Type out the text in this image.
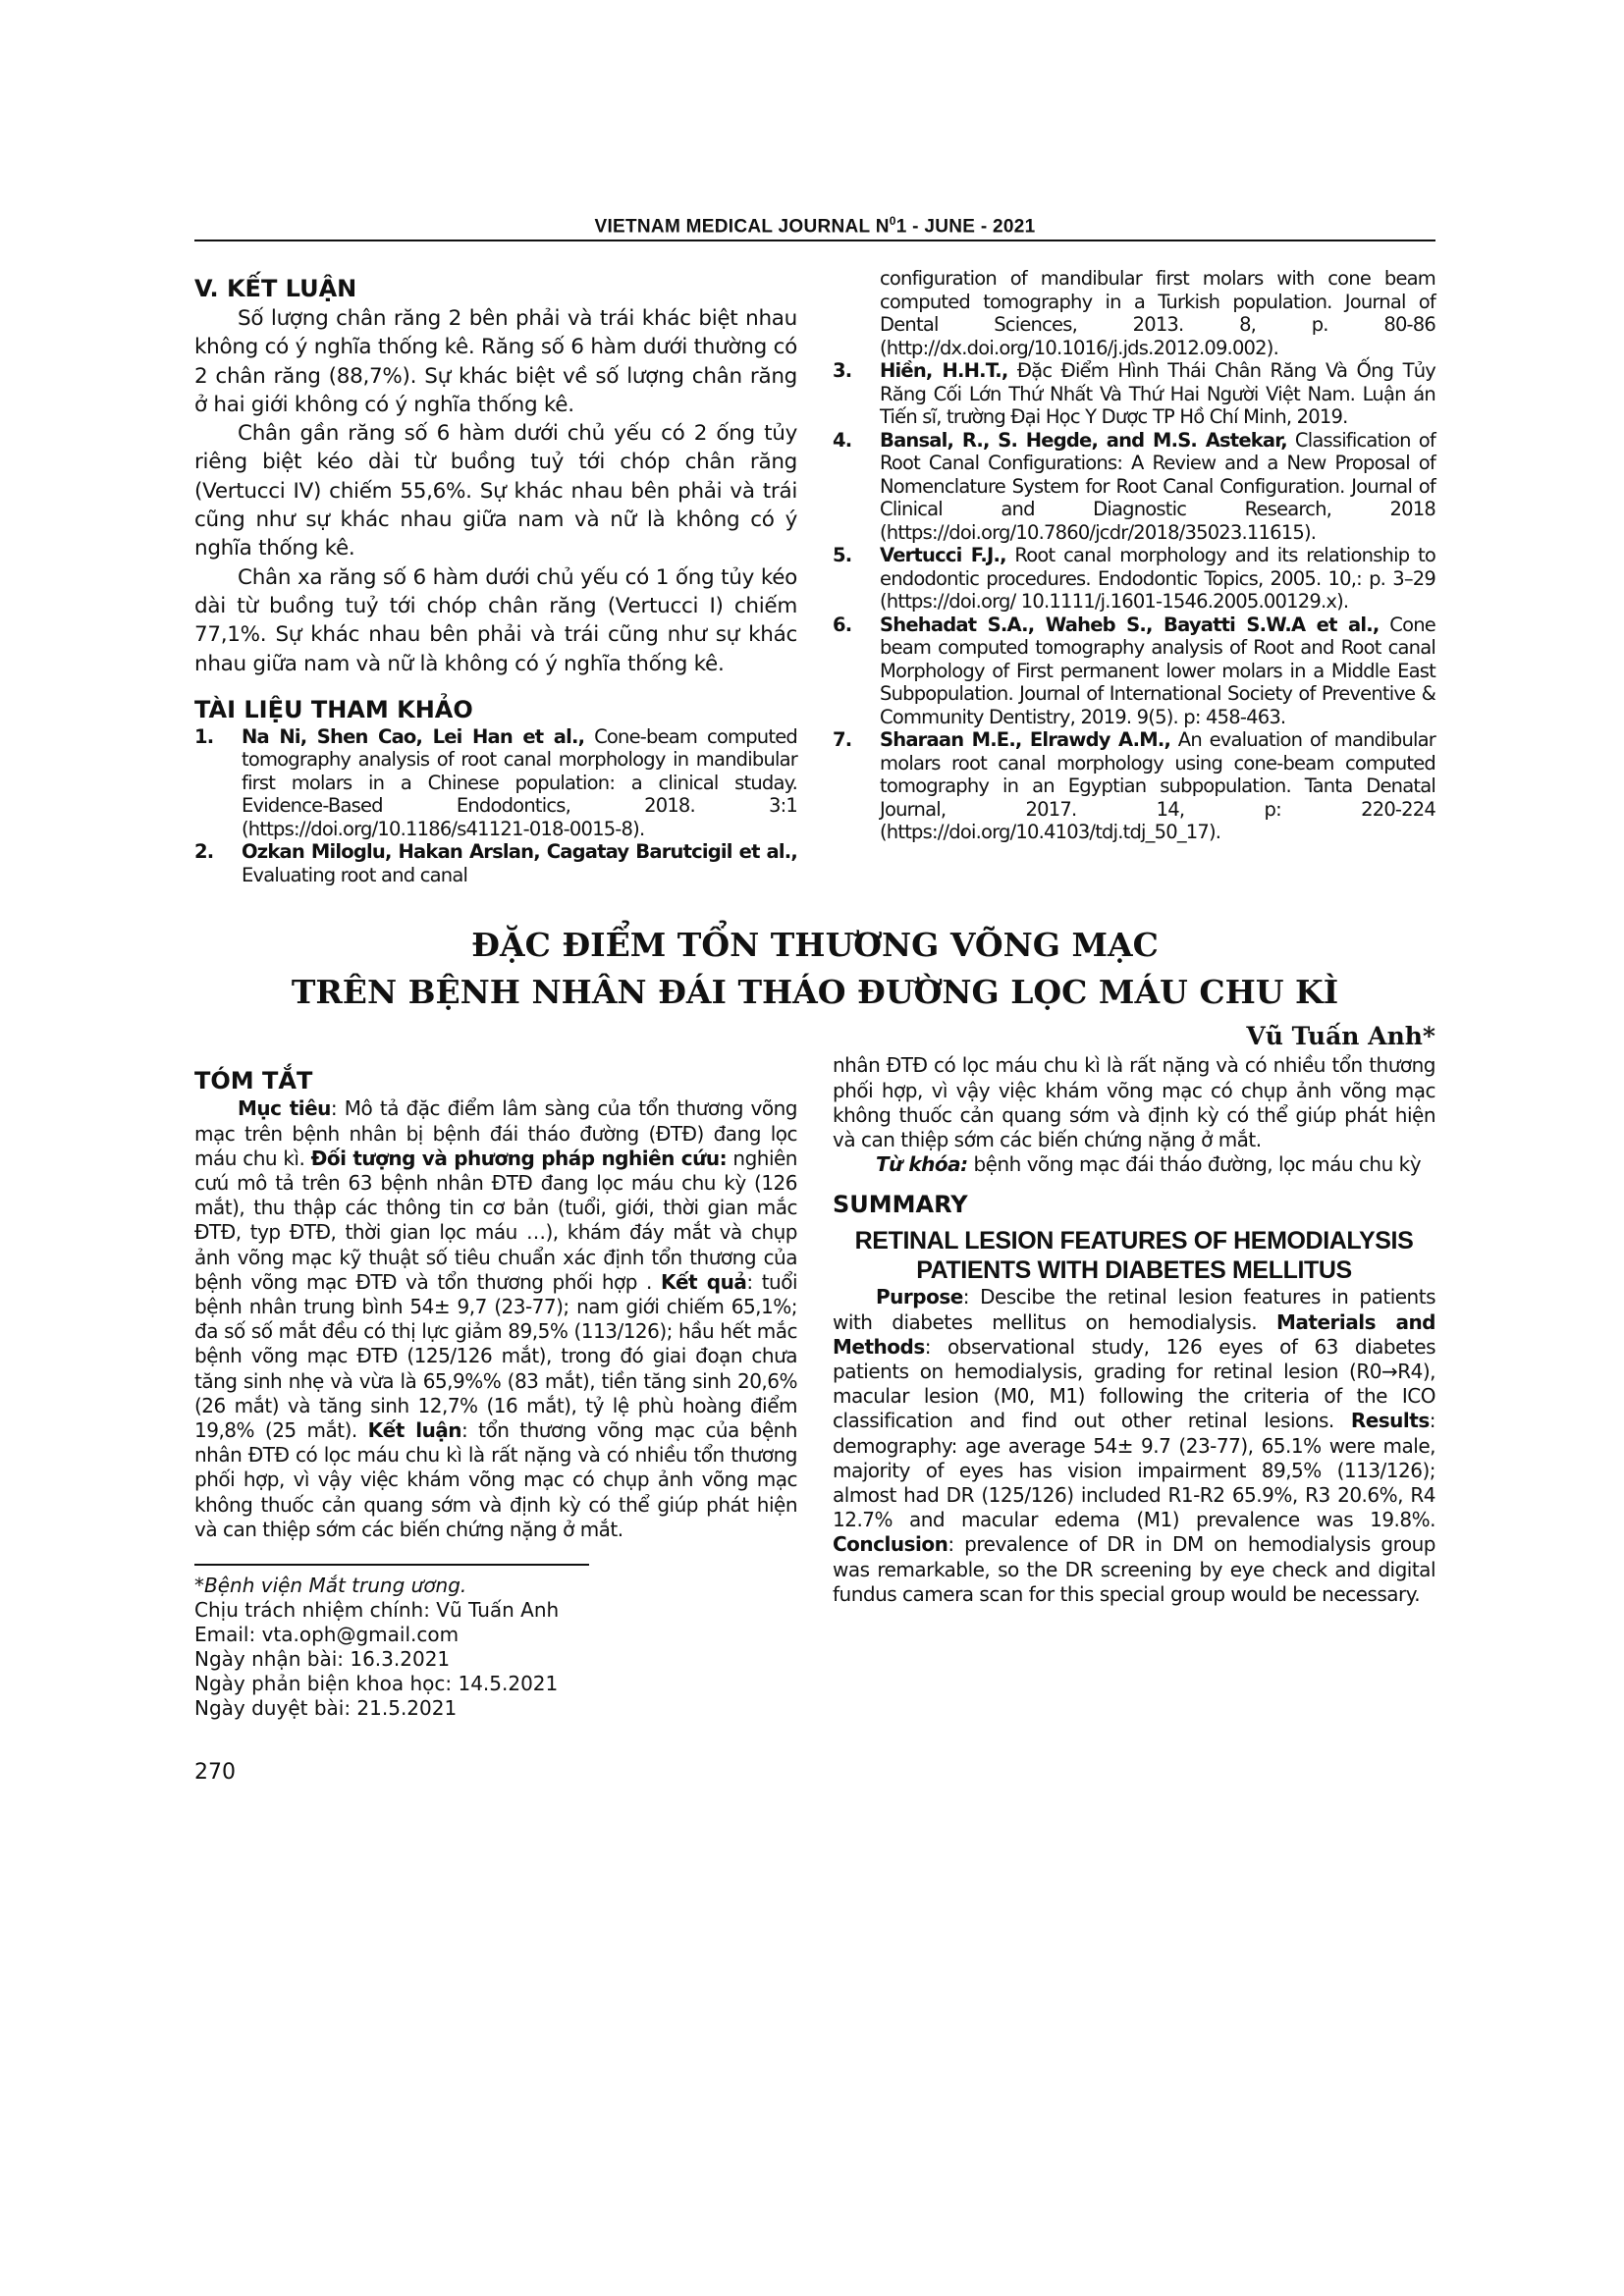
VIETNAM MEDICAL JOURNAL $N^01$ - JUNE - 2021
V. KẾT LUẬN

Số lượng chân răng 2 bên phải và trái khác biệt nhau không có ý nghĩa thống kê. Răng số 6 hàm dưới thường có 2 chân răng (88,7%). Sự khác biệt về số lượng chân răng ở hai giới không có ý nghĩa thống kê.

Chân gần răng số 6 hàm dưới chủ yếu có 2 ống tủy riêng biệt kéo dài từ buồng tuỷ tới chóp chân răng (Vertucci IV) chiếm 55,6%. Sự khác nhau bên phải và trái cũng như sự khác nhau giữa nam và nữ là không có ý nghĩa thống kê.

Chân xa răng số 6 hàm dưới chủ yếu có 1 ống tủy kéo dài từ buồng tuỷ tới chóp chân răng (Vertucci I) chiếm 77,1%. Sự khác nhau bên phải và trái cũng như sự khác nhau giữa nam và nữ là không có ý nghĩa thống kê.

TÀI LIỆU THAM KHẢO
1. Na Ni, Shen Cao, Lei Han et al., Cone-beam computed tomography analysis of root canal morphology in mandibular first molars in a Chinese population: a clinical studay. Evidence-Based Endodontics, 2018. 3:1 (https://doi.org/10.1186/s41121-018-0015-8).
2. Ozkan Miloglu, Hakan Arslan, Cagatay Barutcigil et al., Evaluating root and canal
configuration of mandibular first molars with cone beam computed tomography in a Turkish population. Journal of Dental Sciences, 2013. 8, p. 80-86 (http://dx.doi.org/10.1016/j.jds.2012.09.002).
3. Hiền, H.H.T., Đặc Điểm Hình Thái Chân Răng Và Ống Tủy Răng Cối Lớn Thứ Nhất Và Thứ Hai Người Việt Nam. Luận án Tiến sĩ, trường Đại Học Y Dược TP Hồ Chí Minh, 2019.
4. Bansal, R., S. Hegde, and M.S. Astekar, Classification of Root Canal Configurations: A Review and a New Proposal of Nomenclature System for Root Canal Configuration. Journal of Clinical and Diagnostic Research, 2018 (https://doi.org/10.7860/jcdr/2018/35023.11615).
5. Vertucci F.J., Root canal morphology and its relationship to endodontic procedures. Endodontic Topics, 2005. 10,: p. 3–29 (https://doi.org/ 10.1111/j.1601-1546.2005.00129.x).
6. Shehadat S.A., Waheb S., Bayatti S.W.A et al., Cone beam computed tomography analysis of Root and Root canal Morphology of First permanent lower molars in a Middle East Subpopulation. Journal of International Society of Preventive & Community Dentistry, 2019. 9(5). p: 458-463.
7. Sharaan M.E., Elrawdy A.M., An evaluation of mandibular molars root canal morphology using cone-beam computed tomography in an Egyptian subpopulation. Tanta Denatal Journal, 2017. 14, p: 220-224 (https://doi.org/10.4103/tdj.tdj_50_17).
ĐẶC ĐIỂM TỔN THƯƠNG VÕNG MẠC
TRÊN BỆNH NHÂN ĐÁI THÁO ĐƯỜNG LỌC MÁU CHU KÌ
Vũ Tuấn Anh*
TÓM TẮT

Mục tiêu: Mô tả đặc điểm lâm sàng của tổn thương võng mạc trên bệnh nhân bị bệnh đái tháo đường (ĐTĐ) đang lọc máu chu kì. Đối tượng và phương pháp nghiên cứu: nghiên cưú mô tả trên 63 bệnh nhân ĐTĐ đang lọc máu chu kỳ (126 mắt), thu thập các thông tin cơ bản (tuổi, giới, thời gian mắc ĐTĐ, typ ĐTĐ, thời gian lọc máu …), khám đáy mắt và chụp ảnh võng mạc kỹ thuật số tiêu chuẩn xác định tổn thương của bệnh võng mạc ĐTĐ và tổn thương phối hợp . Kết quả: tuổi bệnh nhân trung bình 54± 9,7 (23-77); nam giới chiếm 65,1%; đa số số mắt đều có thị lực giảm 89,5% (113/126); hầu hết mắc bệnh võng mạc ĐTĐ (125/126 mắt), trong đó giai đoạn chưa tăng sinh nhẹ và vừa là 65,9%% (83 mắt), tiền tăng sinh 20,6% (26 mắt) và tăng sinh 12,7% (16 mắt), tỷ lệ phù hoàng điểm 19,8% (25 mắt). Kết luận: tổn thương võng mạc của bệnh nhân ĐTĐ có lọc máu chu kì là rất nặng và có nhiều tổn thương phối hợp, vì vậy việc khám võng mạc có chụp ảnh võng mạc không thuốc cản quang sớm và định kỳ có thể giúp phát hiện và can thiệp sớm các biến chứng nặng ở mắt.

*Bệnh viện Mắt trung ương.
Chịu trách nhiệm chính: Vũ Tuấn Anh
Email: vta.oph@gmail.com
Ngày nhận bài: 16.3.2021
Ngày phản biện khoa học: 14.5.2021
Ngày duyệt bài: 21.5.2021
270

nhân ĐTĐ có lọc máu chu kì là rất nặng và có nhiều tổn thương phối hợp, vì vậy việc khám võng mạc có chụp ảnh võng mạc không thuốc cản quang sớm và định kỳ có thể giúp phát hiện và can thiệp sớm các biến chứng nặng ở mắt.

Từ khóa: bệnh võng mạc đái tháo đường, lọc máu chu kỳ

SUMMARY
RETINAL LESION FEATURES OF HEMODIALYSIS PATIENTS WITH DIABETES MELLITUS

Purpose: Descibe the retinal lesion features in patients with diabetes mellitus on hemodialysis. Materials and Methods: observational study, 126 eyes of 63 diabetes patients on hemodialysis, grading for retinal lesion (R0→R4), macular lesion (M0, M1) following the criteria of the ICO classification and find out other retinal lesions. Results: demography: age average 54± 9.7 (23-77), 65.1% were male, majority of eyes has vision impairment 89,5% (113/126); almost had DR (125/126) included R1-R2 65.9%, R3 20.6%, R4 12.7% and macular edema (M1) prevalence was 19.8%. Conclusion: prevalence of DR in DM on hemodialysis group was remarkable, so the DR screening by eye check and digital fundus camera scan for this special group would be necessary.
